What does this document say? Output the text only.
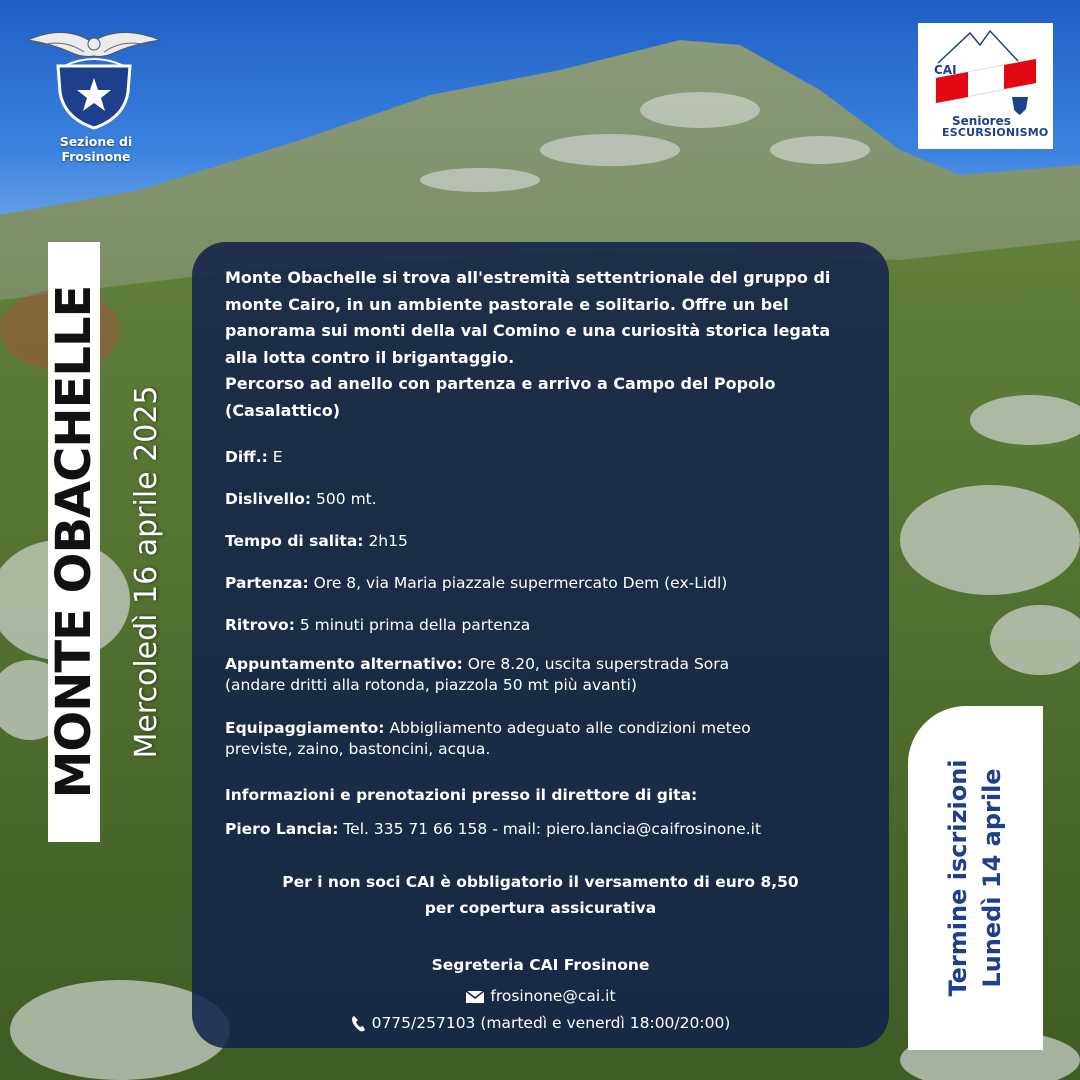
Sezione di Frosinone
CAI
Seniores
ESCURSIONISMO
MONTE OBACHELLE Mercoledì 16 aprile 2025
Monte Obachelle si trova all'estremità settentrionale del gruppo di monte Cairo, in un ambiente pastorale e solitario. Offre un bel panorama sui monti della val Comino e una curiosità storica legata alla lotta contro il brigantaggio.
Percorso ad anello con partenza e arrivo a Campo del Popolo (Casalattico)
Diff.: E
Dislivello: 500 mt.
Tempo di salita: 2h15
Partenza: Ore 8, via Maria piazzale supermercato Dem (ex-Lidl)
Ritrovo: 5 minuti prima della partenza
Appuntamento alternativo: Ore 8.20, uscita superstrada Sora
(andare dritti alla rotonda, piazzola 50 mt più avanti)
Equipaggiamento: Abbigliamento adeguato alle condizioni meteo
previste, zaino, bastoncini, acqua.
Informazioni e prenotazioni presso il direttore di gita:
Piero Lancia: Tel. 335 71 66 158 - mail: piero.lancia@caifrosinone.it
Per i non soci CAI è obbligatorio il versamento di euro 8,50
per copertura assicurativa
Segreteria CAI Frosinone
frosinone@cai.it
0775/257103 (martedì e venerdì 18:00/20:00)
Termine iscrizioni Lunedì 14 aprile
